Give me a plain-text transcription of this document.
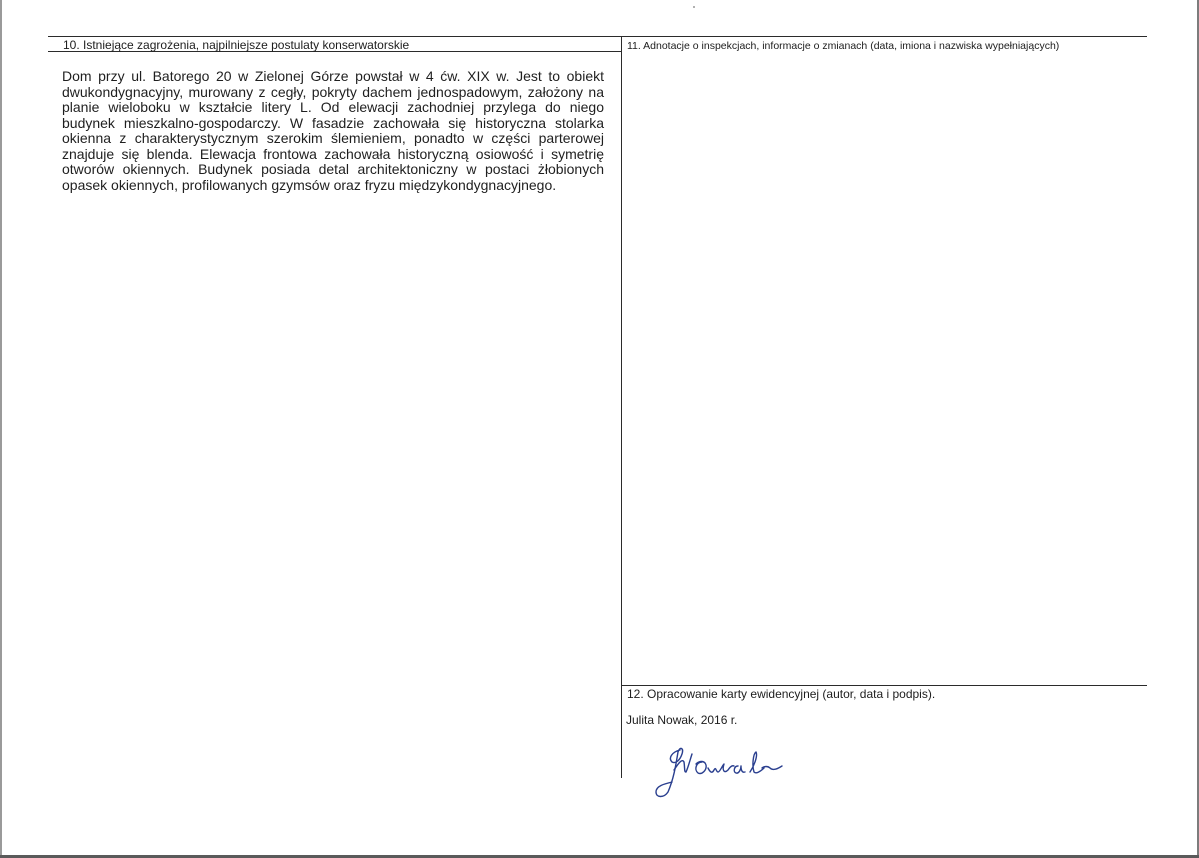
10. Istniejące zagrożenia, najpilniejsze postulaty konserwatorskie
Dom przy ul. Batorego 20 w Zielonej Górze powstał w 4 ćw. XIX w. Jest to obiekt dwukondygnacyjny, murowany z cegły, pokryty dachem jednospadowym, założony na planie wieloboku w kształcie litery L. Od elewacji zachodniej przylega do niego budynek mieszkalno-gospodarczy. W fasadzie zachowała się historyczna stolarka okienna z charakterystycznym szerokim ślemieniem, ponadto w części parterowej znajduje się blenda. Elewacja frontowa zachowała historyczną osiowość i symetrię otworów okiennych. Budynek posiada detal architektoniczny w postaci żłobionych opasek okiennych, profilowanych gzymsów oraz fryzu międzykondygnacyjnego.
11. Adnotacje o inspekcjach, informacje o zmianach (data, imiona i nazwiska wypełniających)
12. Opracowanie karty ewidencyjnej (autor, data i podpis).
Julita Nowak, 2016 r.
